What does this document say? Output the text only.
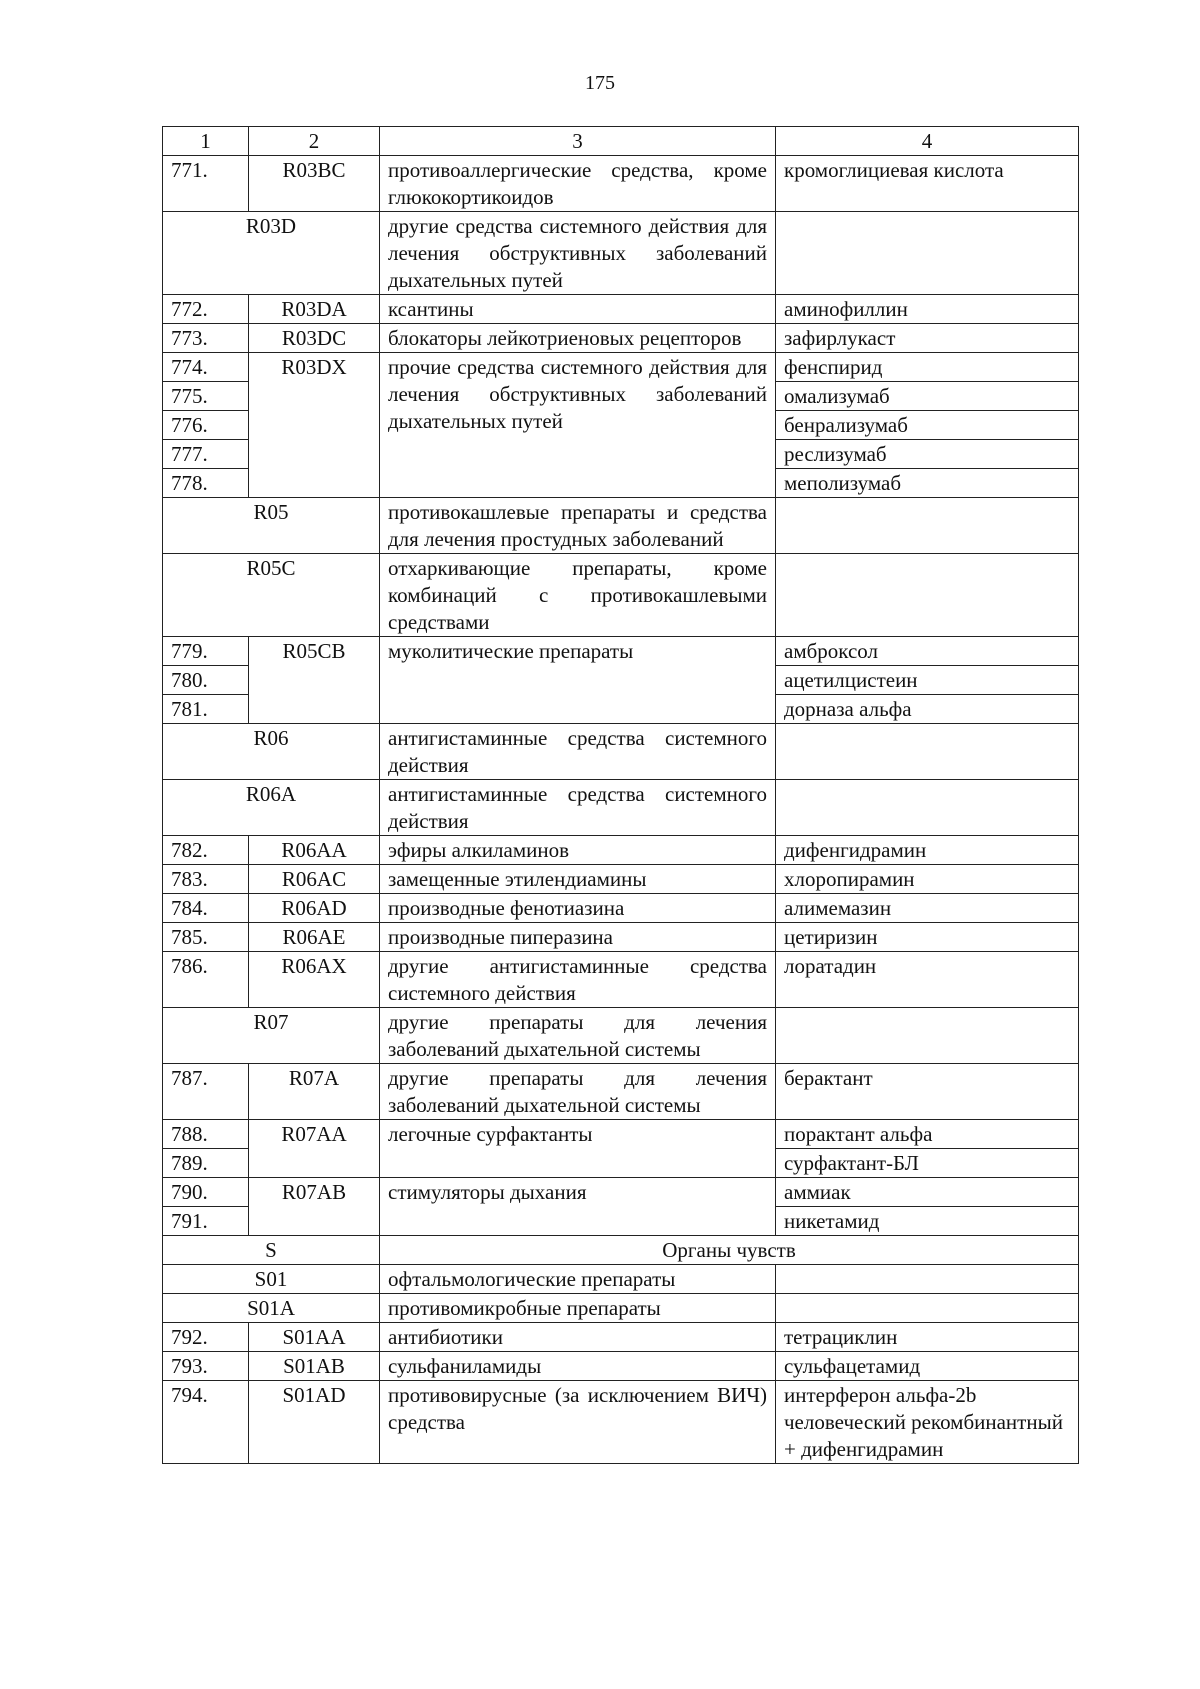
175
1	2	3	4
771.	R03BC	противоаллергические средства, кроме глюкокортикоидов	кромоглициевая кислота
R03D		другие средства системного действия для лечения обструктивных заболеваний дыхательных путей	
772.	R03DA	ксантины	аминофиллин
773.	R03DC	блокаторы лейкотриеновых рецепторов	зафирлукаст
774.	R03DX	прочие средства системного действия для лечения обструктивных заболеваний дыхательных путей	фенспирид
775.			омализумаб
776.			бенрализумаб
777.			реслизумаб
778.			меполизумаб
R05		противокашлевые препараты и средства для лечения простудных заболеваний	
R05C		отхаркивающие препараты, кроме комбинаций с противокашлевыми средствами	
779.	R05CB	муколитические препараты	амброксол
780.			ацетилцистеин
781.			дорназа альфа
R06		антигистаминные средства системного действия	
R06A		антигистаминные средства системного действия	
782.	R06AA	эфиры алкиламинов	дифенгидрамин
783.	R06AC	замещенные этилендиамины	хлоропирамин
784.	R06AD	производные фенотиазина	алимемазин
785.	R06AE	производные пиперазина	цетиризин
786.	R06AX	другие антигистаминные средства системного действия	лоратадин
R07		другие препараты для лечения заболеваний дыхательной системы	
787.	R07A	другие препараты для лечения заболеваний дыхательной системы	берактант
788.	R07AA	легочные сурфактанты	порактант альфа
789.			сурфактант-БЛ
790.	R07AB	стимуляторы дыхания	аммиак
791.			никетамид
S		Органы чувств	
S01		офтальмологические препараты	
S01A		противомикробные препараты	
792.	S01AA	антибиотики	тетрациклин
793.	S01AB	сульфаниламиды	сульфацетамид
794.	S01AD	противовирусные (за исключением ВИЧ) средства	интерферон альфа-2b человеческий рекомбинантный + дифенгидрамин
